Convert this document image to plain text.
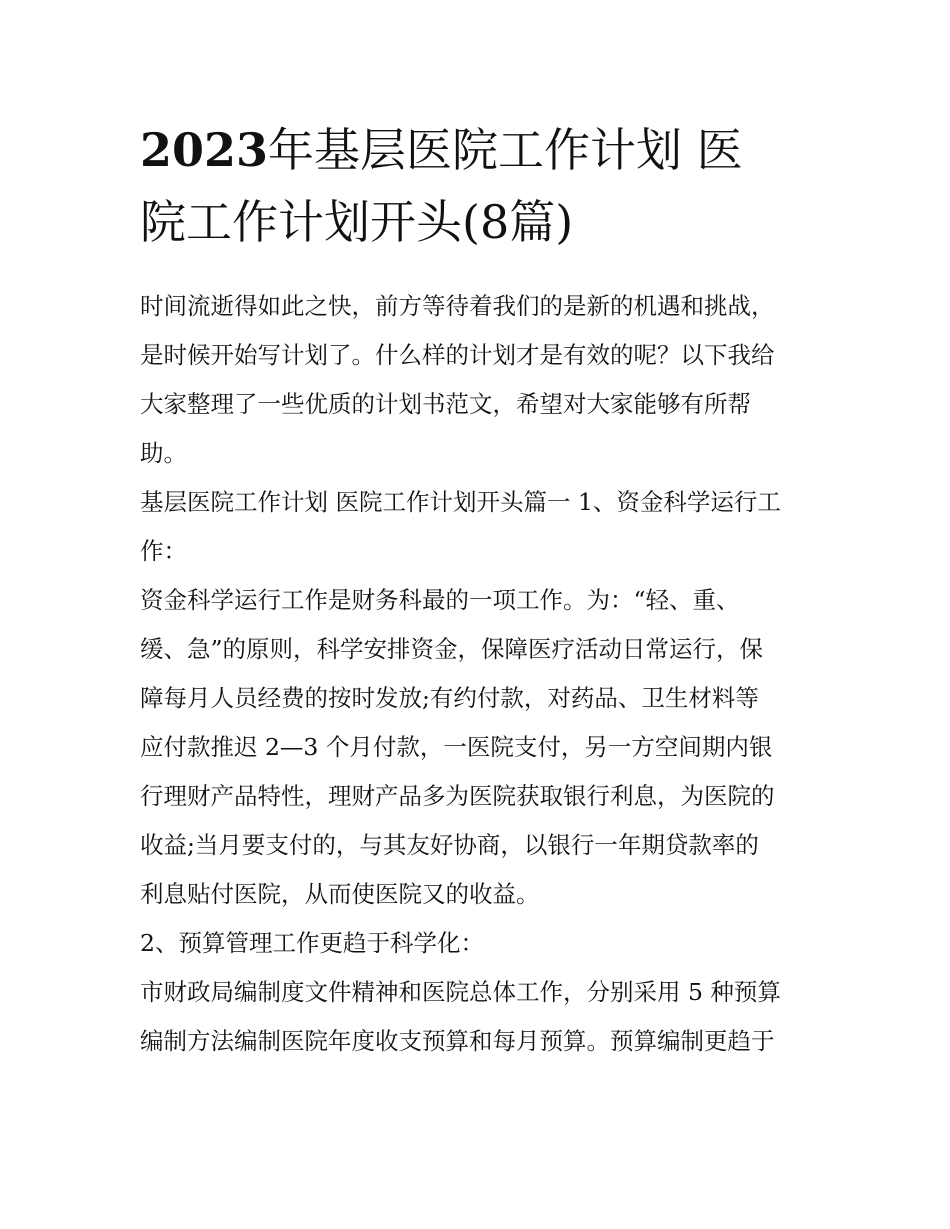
2023年基层医院工作计划 医
院工作计划开头(8篇)
时间流逝得如此之快，前方等待着我们的是新的机遇和挑战，
是时候开始写计划了。什么样的计划才是有效的呢？以下我给
大家整理了一些优质的计划书范文，希望对大家能够有所帮
助。
基层医院工作计划 医院工作计划开头篇一 1、资金科学运行工
作：
资金科学运行工作是财务科最的一项工作。为：“轻、重、
缓、急”的原则，科学安排资金，保障医疗活动日常运行，保
障每月人员经费的按时发放;有约付款，对药品、卫生材料等
应付款推迟 2—3 个月付款，一医院支付，另一方空间期内银
行理财产品特性，理财产品多为医院获取银行利息，为医院的
收益;当月要支付的，与其友好协商，以银行一年期贷款率的
利息贴付医院，从而使医院又的收益。
2、预算管理工作更趋于科学化：
市财政局编制度文件精神和医院总体工作，分别采用 5 种预算
编制方法编制医院年度收支预算和每月预算。预算编制更趋于
